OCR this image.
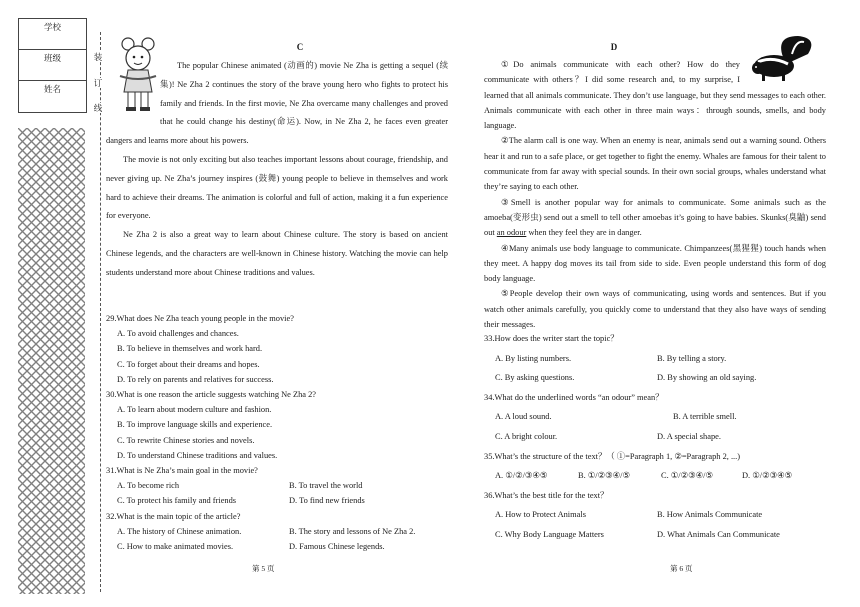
学校
班级
姓名
装
订
线
C

The popular Chinese animated (动画的) movie Ne Zha is getting a sequel (续集)! Ne Zha 2 continues the story of the brave young hero who fights to protect his family and friends. In the first movie, Ne Zha overcame many challenges and proved that he could change his destiny(命运). Now, in Ne Zha 2, he faces even greater dangers and learns more about his powers.

The movie is not only exciting but also teaches important lessons about courage, friendship, and never giving up. Ne Zha’s journey inspires (鼓舞) young people to believe in themselves and work hard to achieve their dreams. The animation is colorful and full of action, making it a fun experience for everyone.

Ne Zha 2 is also a great way to learn about Chinese culture. The story is based on ancient Chinese legends, and the characters are well-known in Chinese history. Watching the movie can help students understand more about Chinese traditions and values.

29.What does Ne Zha teach young people in the movie?
A. To avoid challenges and chances.
B. To believe in themselves and work hard.
C. To forget about their dreams and hopes.
D. To rely on parents and relatives for success.
30.What is one reason the article suggests watching Ne Zha 2?
A. To learn about modern culture and fashion.
B. To improve language skills and experience.
C. To rewrite Chinese stories and novels.
D. To understand Chinese traditions and values.
31.What is Ne Zha’s main goal in the movie?
A. To become rich	B. To travel the world
C. To protect his family and friends	D. To find new friends
32.What is the main topic of the article?
A. The history of Chinese animation.	B. The story and lessons of Ne Zha 2.
C. How to make animated movies.	D. Famous Chinese legends.
第 5 页
D

①Do animals communicate with each other? How do they communicate with others？I did some research and, to my surprise, I learned that all animals communicate. They don’t use language, but they send messages to each other. Animals communicate with each other in three main ways：through sounds, smells, and body language.

②The alarm call is one way. When an enemy is near, animals send out a warning sound. Others hear it and run to a safe place, or get together to fight the enemy. Whales are famous for their talent to communicate from far away with special sounds. In their own social groups, whales understand what they’re saying to each other.

③Smell is another popular way for animals to communicate. Some animals such as the amoeba(变形虫) send out a smell to tell other amoebas it’s going to have babies. Skunks(臭鼬) send out an odour when they feel they are in danger.

④Many animals use body language to communicate. Chimpanzees(黑猩猩) touch hands when they meet. A happy dog moves its tail from side to side. Even people understand this form of dog body language.

⑤People develop their own ways of communicating, using words and sentences. But if you watch other animals carefully, you quickly come to understand that they also have ways of sending their messages.

33.How does the writer start the topic？
A. By listing numbers.	B. By telling a story.
C. By asking questions.	D. By showing an old saying.
34.What do the underlined words “an odour” mean？
A. A loud sound.	B. A terrible smell.
C. A bright colour.	D. A special shape.
35.What’s the structure of the text？（ ①=Paragraph 1, ②=Paragraph 2, ...)
A. ①/②/③④⑤	B. ①/②③④/⑤	C. ①/②③④/⑤	D. ①/②③④⑤
36.What’s the best title for the text？
A. How to Protect Animals	B. How Animals Communicate
C. Why Body Language Matters	D. What Animals Can Communicate
第 6 页
